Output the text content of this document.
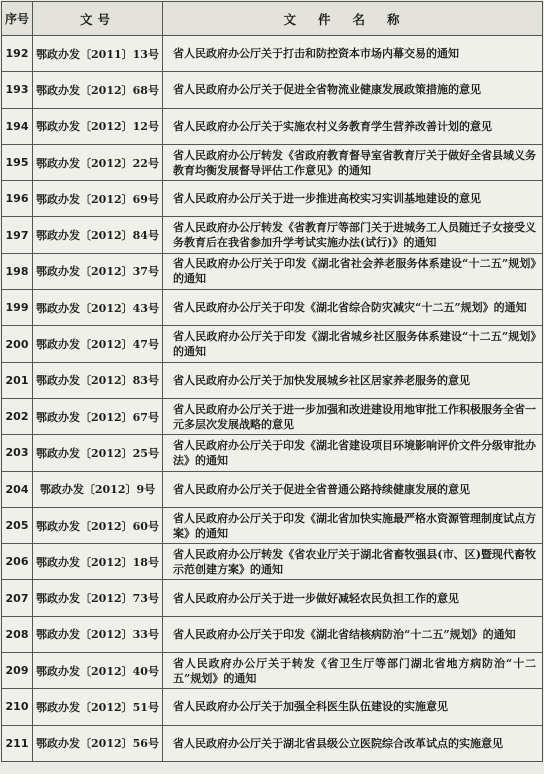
序号	文号	文件名称
192	鄂政办发〔2011〕13号	省人民政府办公厅关于打击和防控资本市场内幕交易的通知
193	鄂政办发〔2012〕68号	省人民政府办公厅关于促进全省物流业健康发展政策措施的意见
194	鄂政办发〔2012〕12号	省人民政府办公厅关于实施农村义务教育学生营养改善计划的意见
195	鄂政办发〔2012〕22号	省人民政府办公厅转发《省政府教育督导室省教育厅关于做好全省县域义务教育均衡发展督导评估工作意见》的通知
196	鄂政办发〔2012〕69号	省人民政府办公厅关于进一步推进高校实习实训基地建设的意见
197	鄂政办发〔2012〕84号	省人民政府办公厅转发《省教育厅等部门关于进城务工人员随迁子女接受义务教育后在我省参加升学考试实施办法(试行)》的通知
198	鄂政办发〔2012〕37号	省人民政府办公厅关于印发《湖北省社会养老服务体系建设“十二五”规划》的通知
199	鄂政办发〔2012〕43号	省人民政府办公厅关于印发《湖北省综合防灾减灾“十二五”规划》的通知
200	鄂政办发〔2012〕47号	省人民政府办公厅关于印发《湖北省城乡社区服务体系建设“十二五”规划》的通知
201	鄂政办发〔2012〕83号	省人民政府办公厅关于加快发展城乡社区居家养老服务的意见
202	鄂政办发〔2012〕67号	省人民政府办公厅关于进一步加强和改进建设用地审批工作积极服务全省一元多层次发展战略的意见
203	鄂政办发〔2012〕25号	省人民政府办公厅关于印发《湖北省建设项目环境影响评价文件分级审批办法》的通知
204	鄂政办发〔2012〕9号	省人民政府办公厅关于促进全省普通公路持续健康发展的意见
205	鄂政办发〔2012〕60号	省人民政府办公厅关于印发《湖北省加快实施最严格水资源管理制度试点方案》的通知
206	鄂政办发〔2012〕18号	省人民政府办公厅转发《省农业厅关于湖北省畜牧强县(市、区)暨现代畜牧示范创建方案》的通知
207	鄂政办发〔2012〕73号	省人民政府办公厅关于进一步做好减轻农民负担工作的意见
208	鄂政办发〔2012〕33号	省人民政府办公厅关于印发《湖北省结核病防治“十二五”规划》的通知
209	鄂政办发〔2012〕40号	省人民政府办公厅关于转发《省卫生厅等部门湖北省地方病防治“十二五”规划》的通知
210	鄂政办发〔2012〕51号	省人民政府办公厅关于加强全科医生队伍建设的实施意见
211	鄂政办发〔2012〕56号	省人民政府办公厅关于湖北省县级公立医院综合改革试点的实施意见
